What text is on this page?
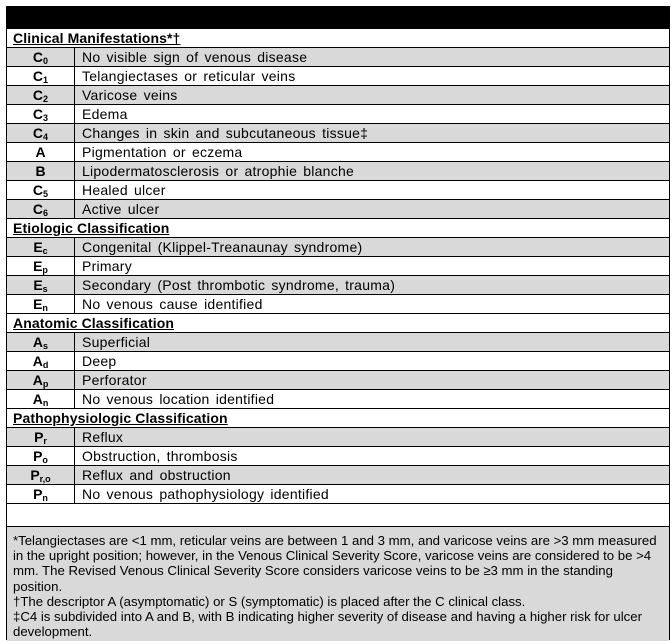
Clinical Manifestations*†
$C_0$	No visible sign of venous disease
$C_1$	Telangiectases or reticular veins
$C_2$	Varicose veins
$C_3$	Edema
$C_4$	Changes in skin and subcutaneous tissue‡
A	Pigmentation or eczema
B	Lipodermatosclerosis or atrophie blanche
$C_5$	Healed ulcer
$C_6$	Active ulcer
Etiologic Classification
$E_c$	Congenital (Klippel-Treanaunay syndrome)
$E_p$	Primary
$E_s$	Secondary (Post thrombotic syndrome, trauma)
$E_n$	No venous cause identified
Anatomic Classification
$A_s$	Superficial
$A_d$	Deep
$A_p$	Perforator
$A_n$	No venous location identified
Pathophysiologic Classification
$P_r$	Reflux
$P_o$	Obstruction, thrombosis
$P_{r,o}$	Reflux and obstruction
$P_n$	No venous pathophysiology identified

*Telangiectases are <1 mm, reticular veins are between 1 and 3 mm, and varicose veins are >3 mm measured in the upright position; however, in the Venous Clinical Severity Score, varicose veins are considered to be >4 mm. The Revised Venous Clinical Severity Score considers varicose veins to be ≥3 mm in the standing position.

†The descriptor A (asymptomatic) or S (symptomatic) is placed after the C clinical class.

‡C4 is subdivided into A and B, with B indicating higher severity of disease and having a higher risk for ulcer development.
